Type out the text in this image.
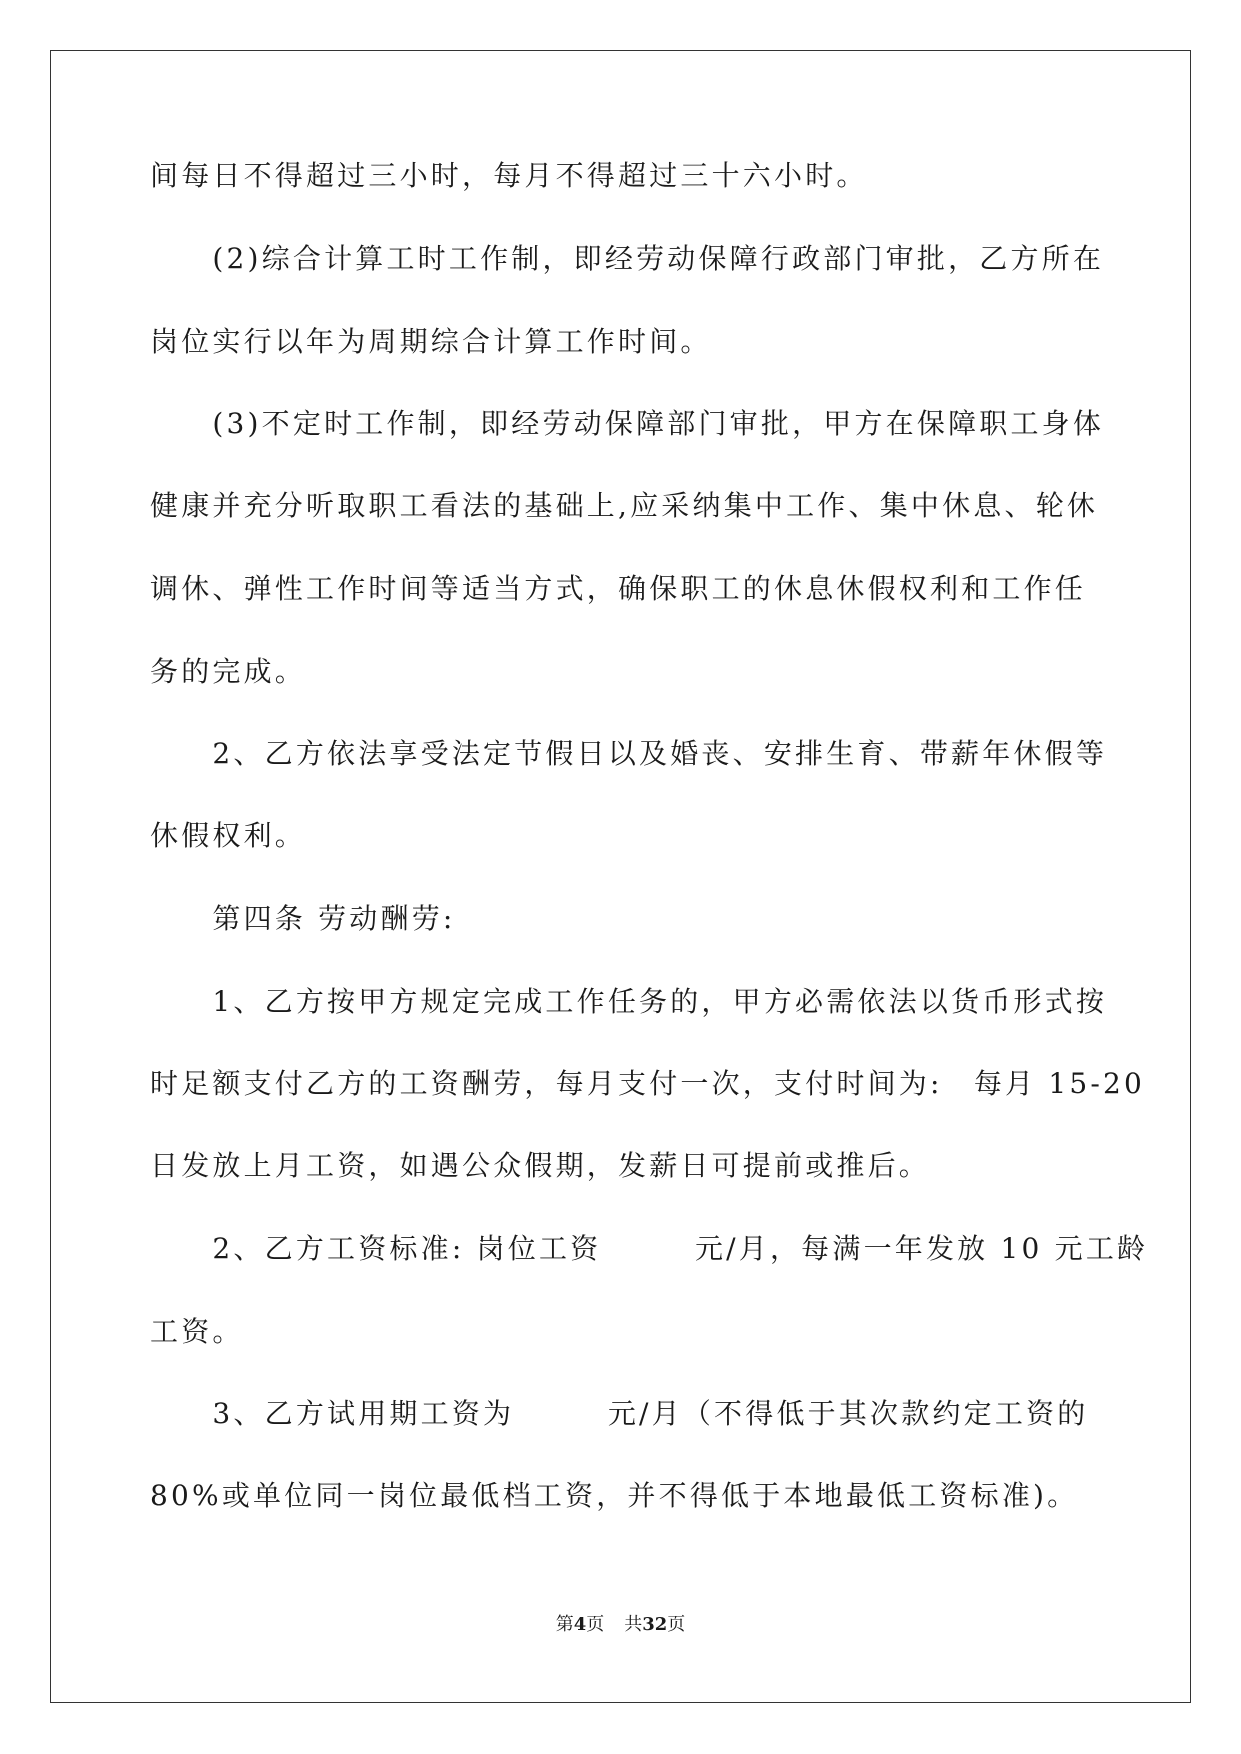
间每日不得超过三小时，每月不得超过三十六小时。
　　(2)综合计算工时工作制，即经劳动保障行政部门审批，乙方所在
岗位实行以年为周期综合计算工作时间。
　　(3)不定时工作制，即经劳动保障部门审批，甲方在保障职工身体
健康并充分听取职工看法的基础上,应采纳集中工作、集中休息、轮休
调休、弹性工作时间等适当方式，确保职工的休息休假权利和工作任
务的完成。
　　2、乙方依法享受法定节假日以及婚丧、安排生育、带薪年休假等
休假权利。
　　第四条 劳动酬劳:
　　1、乙方按甲方规定完成工作任务的，甲方必需依法以货币形式按
时足额支付乙方的工资酬劳，每月支付一次，支付时间为:　每月 15-20
日发放上月工资，如遇公众假期，发薪日可提前或推后。
　　2、乙方工资标准: 岗位工资　　　元/月，每满一年发放 10 元工龄
工资。
　　3、乙方试用期工资为　　　元/月（不得低于其次款约定工资的
80%或单位同一岗位最低档工资，并不得低于本地最低工资标准)。
第4页 共32页
